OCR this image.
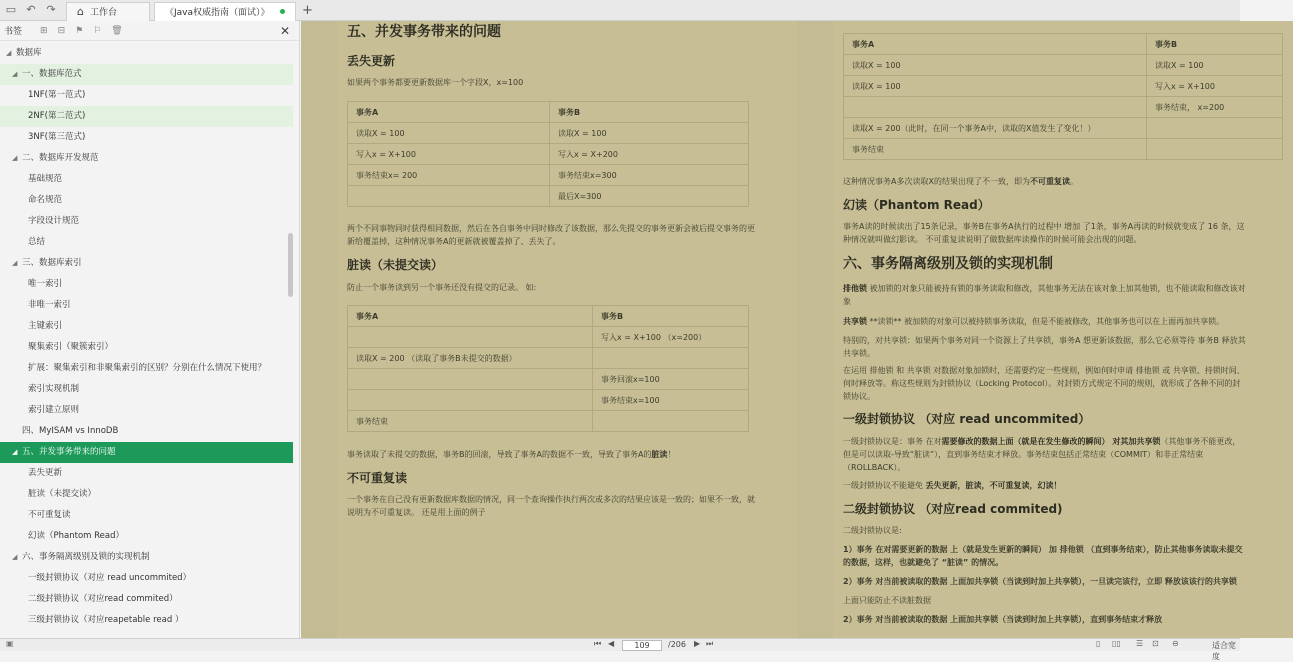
▭ ↶ ↷ ⌂ 工作台	《Java权威指南（面试）》 +
书签 ⊞ ⊟ ⚑ ⚐ 🗑	✕
◢ 数据库
◢ 一、数据库范式
1NF(第一范式)
2NF(第二范式)
3NF(第三范式)
◢ 二、数据库开发规范
基础规范
命名规范
字段设计规范
总结
◢ 三、数据库索引
唯一索引
非唯一索引
主键索引
聚集索引（聚簇索引）
扩展：聚集索引和非聚集索引的区别？分别在什么情况下使用？
索引实现机制
索引建立原则
四、MyISAM vs InnoDB
◢ 五、并发事务带来的问题
丢失更新
脏读（未提交读）
不可重复读
幻读（Phantom Read）
◢ 六、事务隔离级别及锁的实现机制
一级封锁协议（对应 read uncommited）
二级封锁协议（对应read commited）
三级封锁协议（对应reapetable read ）
五、并发事务带来的问题
丢失更新

如果两个事务都要更新数据库一个字段X，x=100

事务A	事务B
读取X = 100	读取X = 100
写入x = X+100	写入x = X+200
事务结束x= 200	事务结束x=300
	最后X=300

两个不同事物同时获得相同数据，然后在各自事务中同时修改了该数据，那么先提交的事务更新会被后提交事务的更新给覆盖掉，这种情况事务A的更新就被覆盖掉了、丢失了。

脏读（未提交读）

防止一个事务读到另一个事务还没有提交的记录。 如:

事务A	事务B
	写入x = X+100 （x=200）
读取X = 200 （读取了事务B未提交的数据）	
	事务回滚x=100
	事务结束x=100
事务结束	

事务读取了未提交的数据，事务B的回滚，导致了事务A的数据不一致，导致了事务A的脏读！

不可重复读

一个事务在自己没有更新数据库数据的情况，同一个查询操作执行两次或多次的结果应该是一致的；如果不一致，就说明为不可重复读。 还是用上面的例子

事务A	事务B
读取X = 100	读取X = 100
读取X = 100	写入x = X+100
	事务结束， x=200
读取X = 200（此时，在同一个事务A中，读取的X值发生了变化！）	
事务结束	

这种情况事务A多次读取X的结果出现了不一致，即为不可重复读。

幻读（Phantom Read）

事务A读的时候读出了15条记录，事务B在事务A执行的过程中 增加 了1条，事务A再读的时候就变成了 16 条，这种情况就叫做幻影读。 不可重复读说明了做数据库读操作的时候可能会出现的问题。

六、事务隔离级别及锁的实现机制

排他锁 被加锁的对象只能被持有锁的事务读取和修改，其他事务无法在该对象上加其他锁，也不能读取和修改该对象

共享锁 **读锁** 被加锁的对象可以被持锁事务读取，但是不能被修改，其他事务也可以在上面再加共享锁。

特别的，对共享锁：如果两个事务对同一个资源上了共享锁，事务A 想更新该数据，那么它必须等待 事务B 释放其共享锁。

在运用 排他锁 和 共享锁 对数据对象加锁时，还需要约定一些规则，例如何时申请 排他锁 或 共享锁、持锁时间、何时释放等。称这些规则为封锁协议（Locking Protocol）。对封锁方式规定不同的规则，就形成了各种不同的封锁协议。

一级封锁协议 （对应 read uncommited）

一级封锁协议是：事务 在对需要修改的数据上面（就是在发生修改的瞬间） 对其加共享锁（其他事务不能更改，但是可以读取-导致“脏读”），直到事务结束才释放。事务结束包括正常结束（COMMIT）和非正常结束（ROLLBACK）。

一级封锁协议不能避免 丢失更新，脏读，不可重复读，幻读！

二级封锁协议 （对应read commited)

二级封锁协议是:

1）事务 在对需要更新的数据 上（就是发生更新的瞬间） 加 排他锁 （直到事务结束），防止其他事务读取未提交的数据，这样，也就避免了 “脏读” 的情况。

2）事务 对当前被读取的数据 上面加共享锁（当读到时加上共享锁），一旦读完该行，立即 释放该该行的共享锁

上面只能防止不读脏数据

2）事务 对当前被读取的数据 上面加共享锁（当读到时加上共享锁），直到事务结束才释放

▣	⏮ ◀	109	/206 ▶ ⏭	▯ ▯▯ ☰ ⊡ ⊖	适合宽度
